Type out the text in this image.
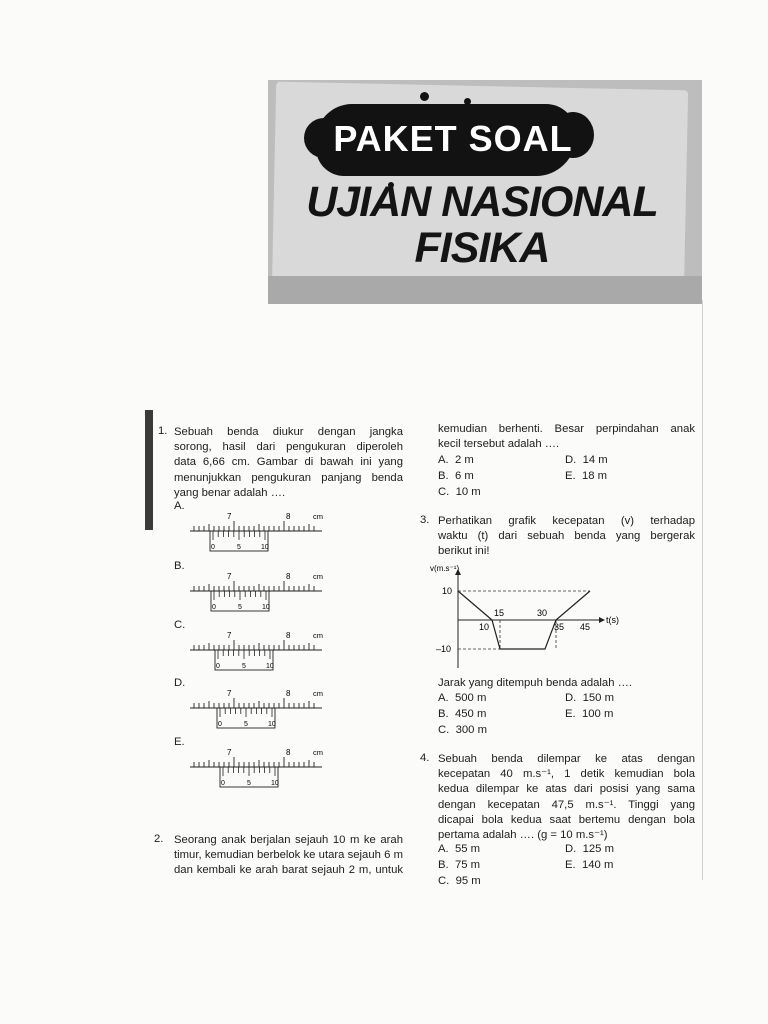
PAKET SOAL
UJIAN NASIONAL
FISIKA
1. Sebuah benda diukur dengan jangka
sorong, hasil dari pengukuran diperoleh
data 6,66 cm. Gambar di bawah ini yang
menunjukkan pengukuran panjang benda
yang benar adalah ….
A.
B.
C.
D.
E.
7	8	cm
0	5	10
7	8	cm
0	5	10
7	8	cm
0	5	10
7	8	cm
0	5	10
7	8	cm
0	5	10
2. Seorang anak berjalan sejauh 10 m ke arah
timur, kemudian berbelok ke utara sejauh 6 m
dan kembali ke arah barat sejauh 2 m, untuk
kemudian berhenti. Besar perpindahan anak
kecil tersebut adalah ….
A. 2 m
B. 6 m
C. 10 m
D. 14 m
E. 18 m
3. Perhatikan grafik kecepatan (v) terhadap
waktu (t) dari sebuah benda yang bergerak
berikut ini!
v(m.s⁻¹)
t(s)
10
–10
15	30
10	35 45
Jarak yang ditempuh benda adalah ….
A. 500 m
B. 450 m
C. 300 m
D. 150 m
E. 100 m
4. Sebuah benda dilempar ke atas dengan
kecepatan 40 m.s⁻¹, 1 detik kemudian bola
kedua dilempar ke atas dari posisi yang sama
dengan kecepatan 47,5 m.s⁻¹. Tinggi yang
dicapai bola kedua saat bertemu dengan bola
pertama adalah …. (g = 10 m.s⁻¹)
A. 55 m
B. 75 m
C. 95 m
D. 125 m
E. 140 m
